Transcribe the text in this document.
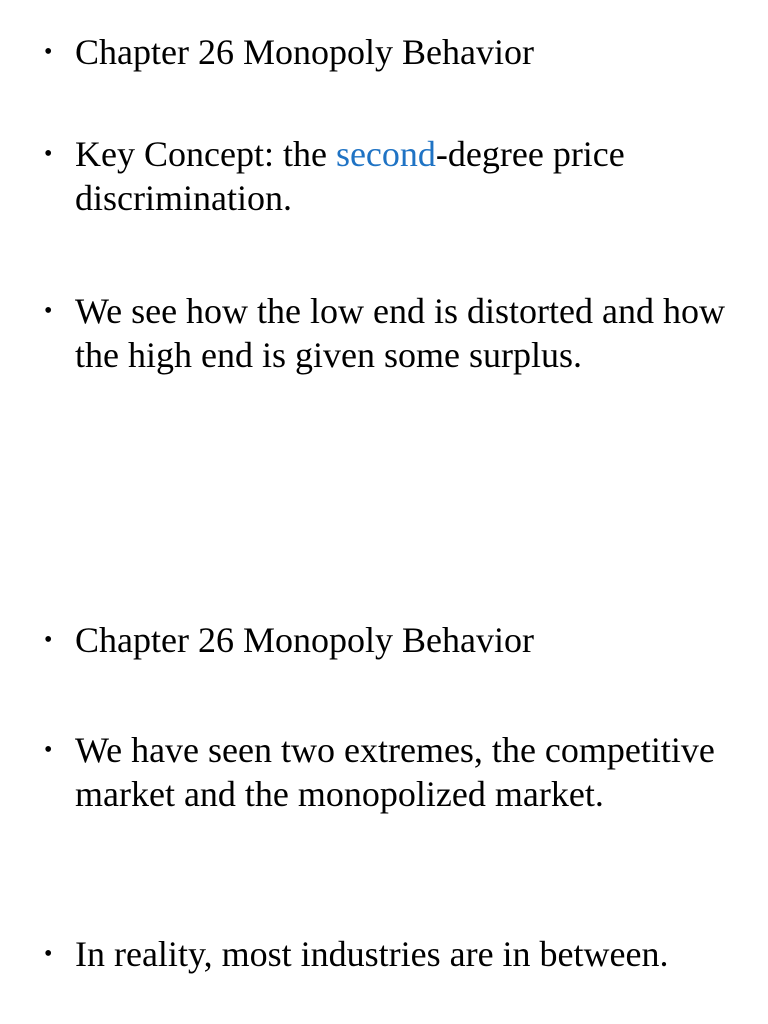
• Chapter 26 Monopoly Behavior
• Key Concept: the second-degree price discrimination.
• We see how the low end is distorted and how the high end is given some surplus.
• Chapter 26 Monopoly Behavior
• We have seen two extremes, the competitive market and the monopolized market.
• In reality, most industries are in between.
